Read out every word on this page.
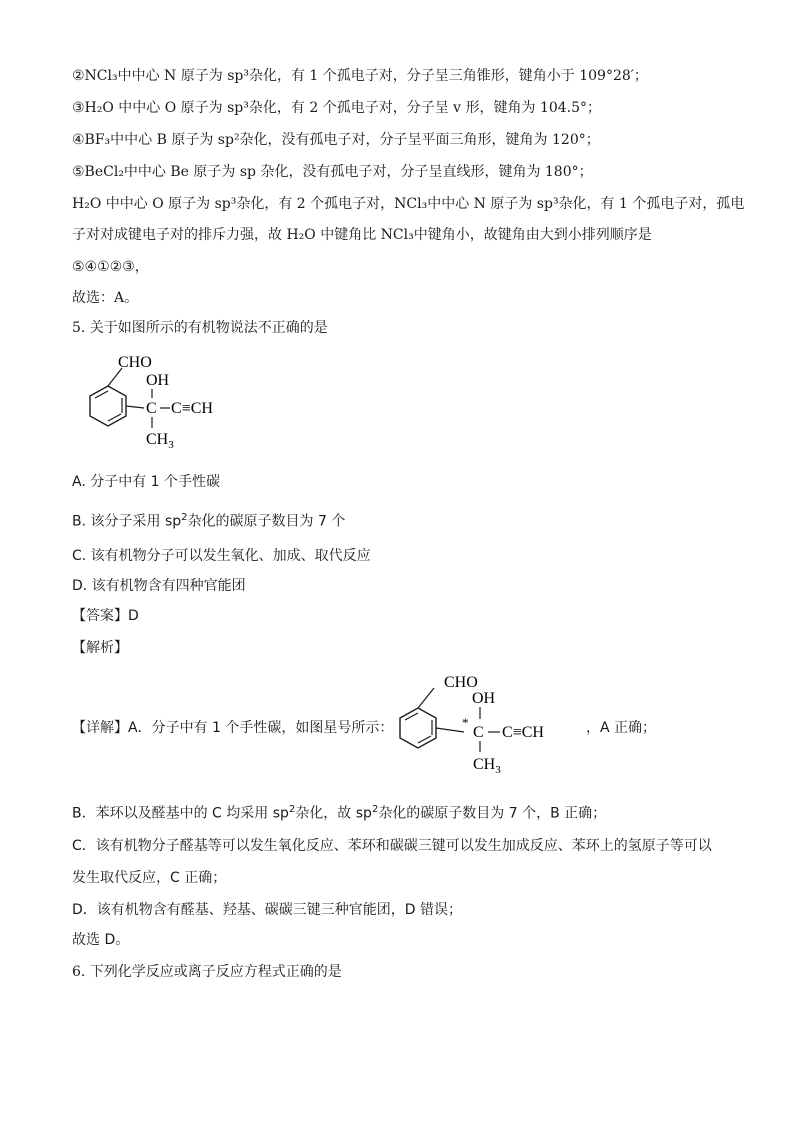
②NCl₃中中心 N 原子为 sp³杂化，有 1 个孤电子对，分子呈三角锥形，键角小于 109°28′；
③H₂O 中中心 O 原子为 sp³杂化，有 2 个孤电子对，分子呈 v 形，键角为 104.5°；
④BF₃中中心 B 原子为 sp²杂化，没有孤电子对，分子呈平面三角形，键角为 120°；
⑤BeCl₂中中心 Be 原子为 sp 杂化，没有孤电子对，分子呈直线形，键角为 180°；
H₂O 中中心 O 原子为 sp³杂化，有 2 个孤电子对，NCl₃中中心 N 原子为 sp³杂化，有 1 个孤电子对，孤电
子对对成键电子对的排斥力强，故 H₂O 中键角比 NCl₃中键角小，故键角由大到小排列顺序是
⑤④①②③，
故选：A。
5. 关于如图所示的有机物说法不正确的是
CHO
OH
C C≡CH
$CH_3$
A. 分子中有 1 个手性碳
B. 该分子采用 $sp^2$杂化的碳原子数目为 7 个
C. 该有机物分子可以发生氧化、加成、取代反应
D. 该有机物含有四种官能团
【答案】D
【解析】
【详解】A．分子中有 1 个手性碳，如图星号所示：
CHO
*
OH
C C≡CH
$CH_3$
，A 正确；
B．苯环以及醛基中的 C 均采用 $sp^2$杂化，故 $sp^2$杂化的碳原子数目为 7 个，B 正确；
C．该有机物分子醛基等可以发生氧化反应、苯环和碳碳三键可以发生加成反应、苯环上的氢原子等可以
发生取代反应，C 正确；
D．该有机物含有醛基、羟基、碳碳三键三种官能团，D 错误；
故选 D。
6. 下列化学反应或离子反应方程式正确的是
